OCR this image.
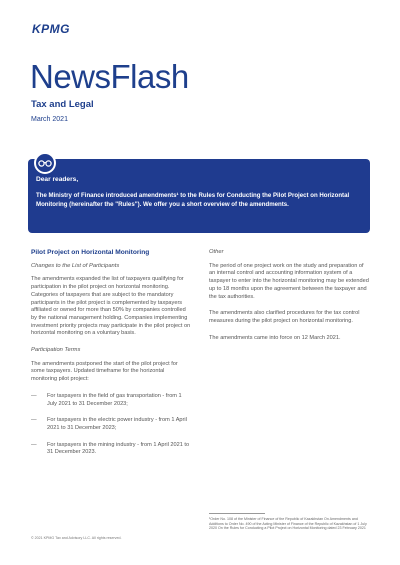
KPMG
NewsFlash
Tax and Legal
March 2021
Dear readers,
The Ministry of Finance introduced amendments¹ to the Rules for Conducting the Pilot Project on Horizontal Monitoring (hereinafter the "Rules"). We offer you a short overview of the amendments.
Pilot Project on Horizontal Monitoring
Changes to the List of Participants
The amendments expanded the list of taxpayers qualifying for participation in the pilot project on horizontal monitoring. Categories of taxpayers that are subject to the mandatory participants in the pilot project is complemented by taxpayers affiliated or owned for more than 50% by companies controlled by the national management holding. Companies implementing investment priority projects may participate in the pilot project on horizontal monitoring on a voluntary basis.
Participation Terms
The amendments postponed the start of the pilot project for some taxpayers. Updated timeframe for the horizontal monitoring pilot project:
— For taxpayers in the field of gas transportation - from 1 July 2021 to 31 December 2023;
— For taxpayers in the electric power industry - from 1 April 2021 to 31 December 2023;
— For taxpayers in the mining industry - from 1 April 2021 to 31 December 2023.
Other
The period of one project work on the study and preparation of an internal control and accounting information system of a taxpayer to enter into the horizontal monitoring may be extended up to 18 months upon the agreement between the taxpayer and the tax authorities.
The amendments also clarified procedures for the tax control measures during the pilot project on horizontal monitoring.
The amendments came into force on 12 March 2021.
¹Order No. 108 of the Minister of Finance of the Republic of Kazakhstan On Amendments and Additions to Order No. 490 of the Acting Minister of Finance of the Republic of Kazakhstan of 1 July 2020 On the Rules for Conducting a Pilot Project on Horizontal Monitoring dated 23 February 2021
© 2021 KPMG Tax and Advisory LLC. All rights reserved.
